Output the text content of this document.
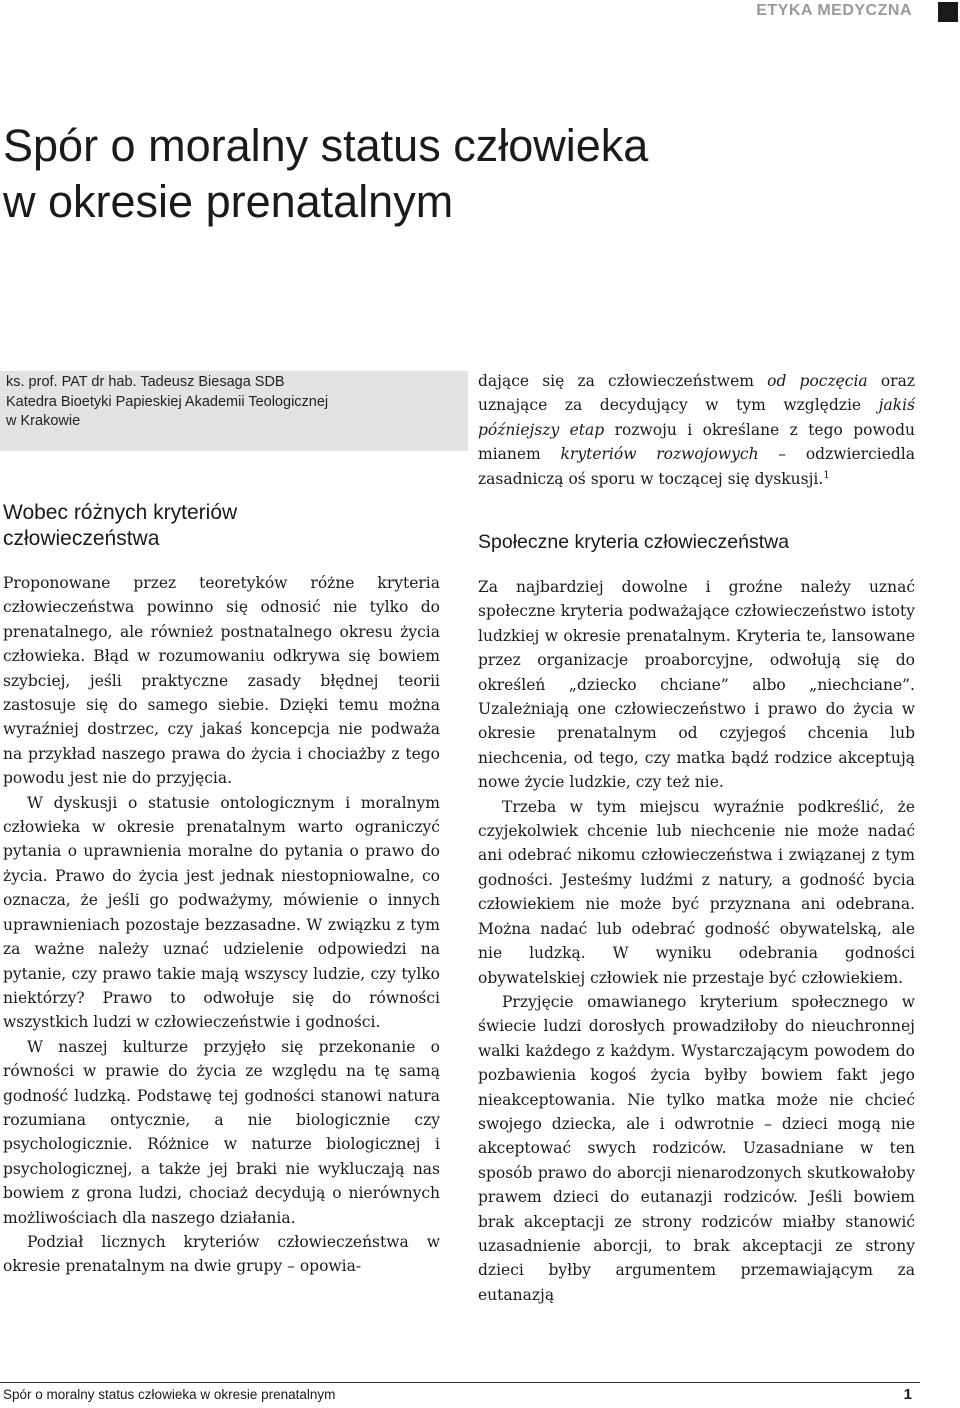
ETYKA MEDYCZNA
Spór o moralny status człowieka
w okresie prenatalnym
ks. prof. PAT dr hab. Tadeusz Biesaga SDB
Katedra Bioetyki Papieskiej Akademii Teologicznej
w Krakowie
Wobec różnych kryteriów
człowieczeństwa

Proponowane przez teoretyków różne kryteria człowieczeństwa powinno się odnosić nie tylko do prenatalnego, ale również postnatalnego okresu życia człowieka. Błąd w rozumowaniu odkrywa się bowiem szybciej, jeśli praktyczne zasady błędnej teorii zastosuje się do samego siebie. Dzięki temu można wyraźniej dostrzec, czy jakaś koncepcja nie podważa na przykład naszego prawa do życia i chociażby z tego powodu jest nie do przyjęcia.

W dyskusji o statusie ontologicznym i moralnym człowieka w okresie prenatalnym warto ograniczyć pytania o uprawnienia moralne do pytania o prawo do życia. Prawo do życia jest jednak niestopniowalne, co oznacza, że jeśli go podważymy, mówienie o innych uprawnieniach pozostaje bezzasadne. W związku z tym za ważne należy uznać udzielenie odpowiedzi na pytanie, czy prawo takie mają wszyscy ludzie, czy tylko niektórzy? Prawo to odwołuje się do równości wszystkich ludzi w człowieczeństwie i godności.

W naszej kulturze przyjęło się przekonanie o równości w prawie do życia ze względu na tę samą godność ludzką. Podstawę tej godności stanowi natura rozumiana ontycznie, a nie biologicznie czy psychologicznie. Różnice w naturze biologicznej i psychologicznej, a także jej braki nie wykluczają nas bowiem z grona ludzi, chociaż decydują o nierównych możliwościach dla naszego działania.

Podział licznych kryteriów człowieczeństwa w okresie prenatalnym na dwie grupy – opowia-

dające się za człowieczeństwem od poczęcia oraz uznające za decydujący w tym względzie jakiś późniejszy etap rozwoju i określane z tego powodu mianem kryteriów rozwojowych – odzwierciedla zasadniczą oś sporu w toczącej się dyskusji.$^1$

Społeczne kryteria człowieczeństwa

Za najbardziej dowolne i groźne należy uznać społeczne kryteria podważające człowieczeństwo istoty ludzkiej w okresie prenatalnym. Kryteria te, lansowane przez organizacje proaborcyjne, odwołują się do określeń „dziecko chciane” albo „niechciane”. Uzależniają one człowieczeństwo i prawo do życia w okresie prenatalnym od czyjegoś chcenia lub niechcenia, od tego, czy matka bądź rodzice akceptują nowe życie ludzkie, czy też nie.

Trzeba w tym miejscu wyraźnie podkreślić, że czyjekolwiek chcenie lub niechcenie nie może nadać ani odebrać nikomu człowieczeństwa i związanej z tym godności. Jesteśmy ludźmi z natury, a godność bycia człowiekiem nie może być przyznana ani odebrana. Można nadać lub odebrać godność obywatelską, ale nie ludzką. W wyniku odebrania godności obywatelskiej człowiek nie przestaje być człowiekiem.

Przyjęcie omawianego kryterium społecznego w świecie ludzi dorosłych prowadziłoby do nieuchronnej walki każdego z każdym. Wystarczającym powodem do pozbawienia kogoś życia byłby bowiem fakt jego nieakceptowania. Nie tylko matka może nie chcieć swojego dziecka, ale i odwrotnie – dzieci mogą nie akceptować swych rodziców. Uzasadniane w ten sposób prawo do aborcji nienarodzonych skutkowałoby prawem dzieci do eutanazji rodziców. Jeśli bowiem brak akceptacji ze strony rodziców miałby stanowić uzasadnienie aborcji, to brak akceptacji ze strony dzieci byłby argumentem przemawiającym za eutanazją

Spór o moralny status człowieka w okresie prenatalnym	1
